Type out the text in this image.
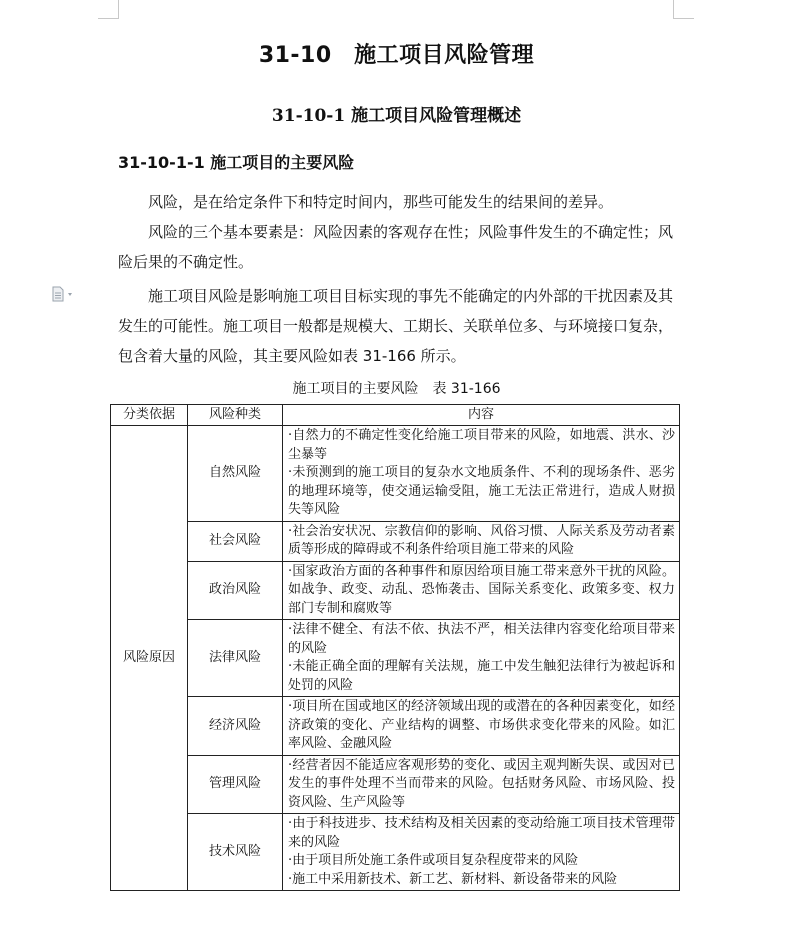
31-10　施工项目风险管理
31-10-1 施工项目风险管理概述
31-10-1-1 施工项目的主要风险

风险，是在给定条件下和特定时间内，那些可能发生的结果间的差异。

风险的三个基本要素是：风险因素的客观存在性；风险事件发生的不确定性；风险后果的不确定性。

施工项目风险是影响施工项目目标实现的事先不能确定的内外部的干扰因素及其发生的可能性。施工项目一般都是规模大、工期长、关联单位多、与环境接口复杂，包含着大量的风险，其主要风险如表 31-166 所示。

施工项目的主要风险　表 31-166
分类依据	风险种类	内容
风险原因	自然风险	·自然力的不确定性变化给施工项目带来的风险，如地震、洪水、沙尘暴等
·未预测到的施工项目的复杂水文地质条件、不利的现场条件、恶劣的地理环境等，使交通运输受阻，施工无法正常进行，造成人财损失等风险

	社会风险	·社会治安状况、宗教信仰的影响、风俗习惯、人际关系及劳动者素质等形成的障碍或不利条件给项目施工带来的风险

	政治风险	·国家政治方面的各种事件和原因给项目施工带来意外干扰的风险。如战争、政变、动乱、恐怖袭击、国际关系变化、政策多变、权力部门专制和腐败等

	法律风险	·法律不健全、有法不依、执法不严，相关法律内容变化给项目带来的风险
·未能正确全面的理解有关法规，施工中发生触犯法律行为被起诉和处罚的风险

	经济风险	·项目所在国或地区的经济领域出现的或潜在的各种因素变化，如经济政策的变化、产业结构的调整、市场供求变化带来的风险。如汇率风险、金融风险

	管理风险	·经营者因不能适应客观形势的变化、或因主观判断失误、或因对已发生的事件处理不当而带来的风险。包括财务风险、市场风险、投资风险、生产风险等

	技术风险	·由于科技进步、技术结构及相关因素的变动给施工项目技术管理带来的风险
·由于项目所处施工条件或项目复杂程度带来的风险
·施工中采用新技术、新工艺、新材料、新设备带来的风险
